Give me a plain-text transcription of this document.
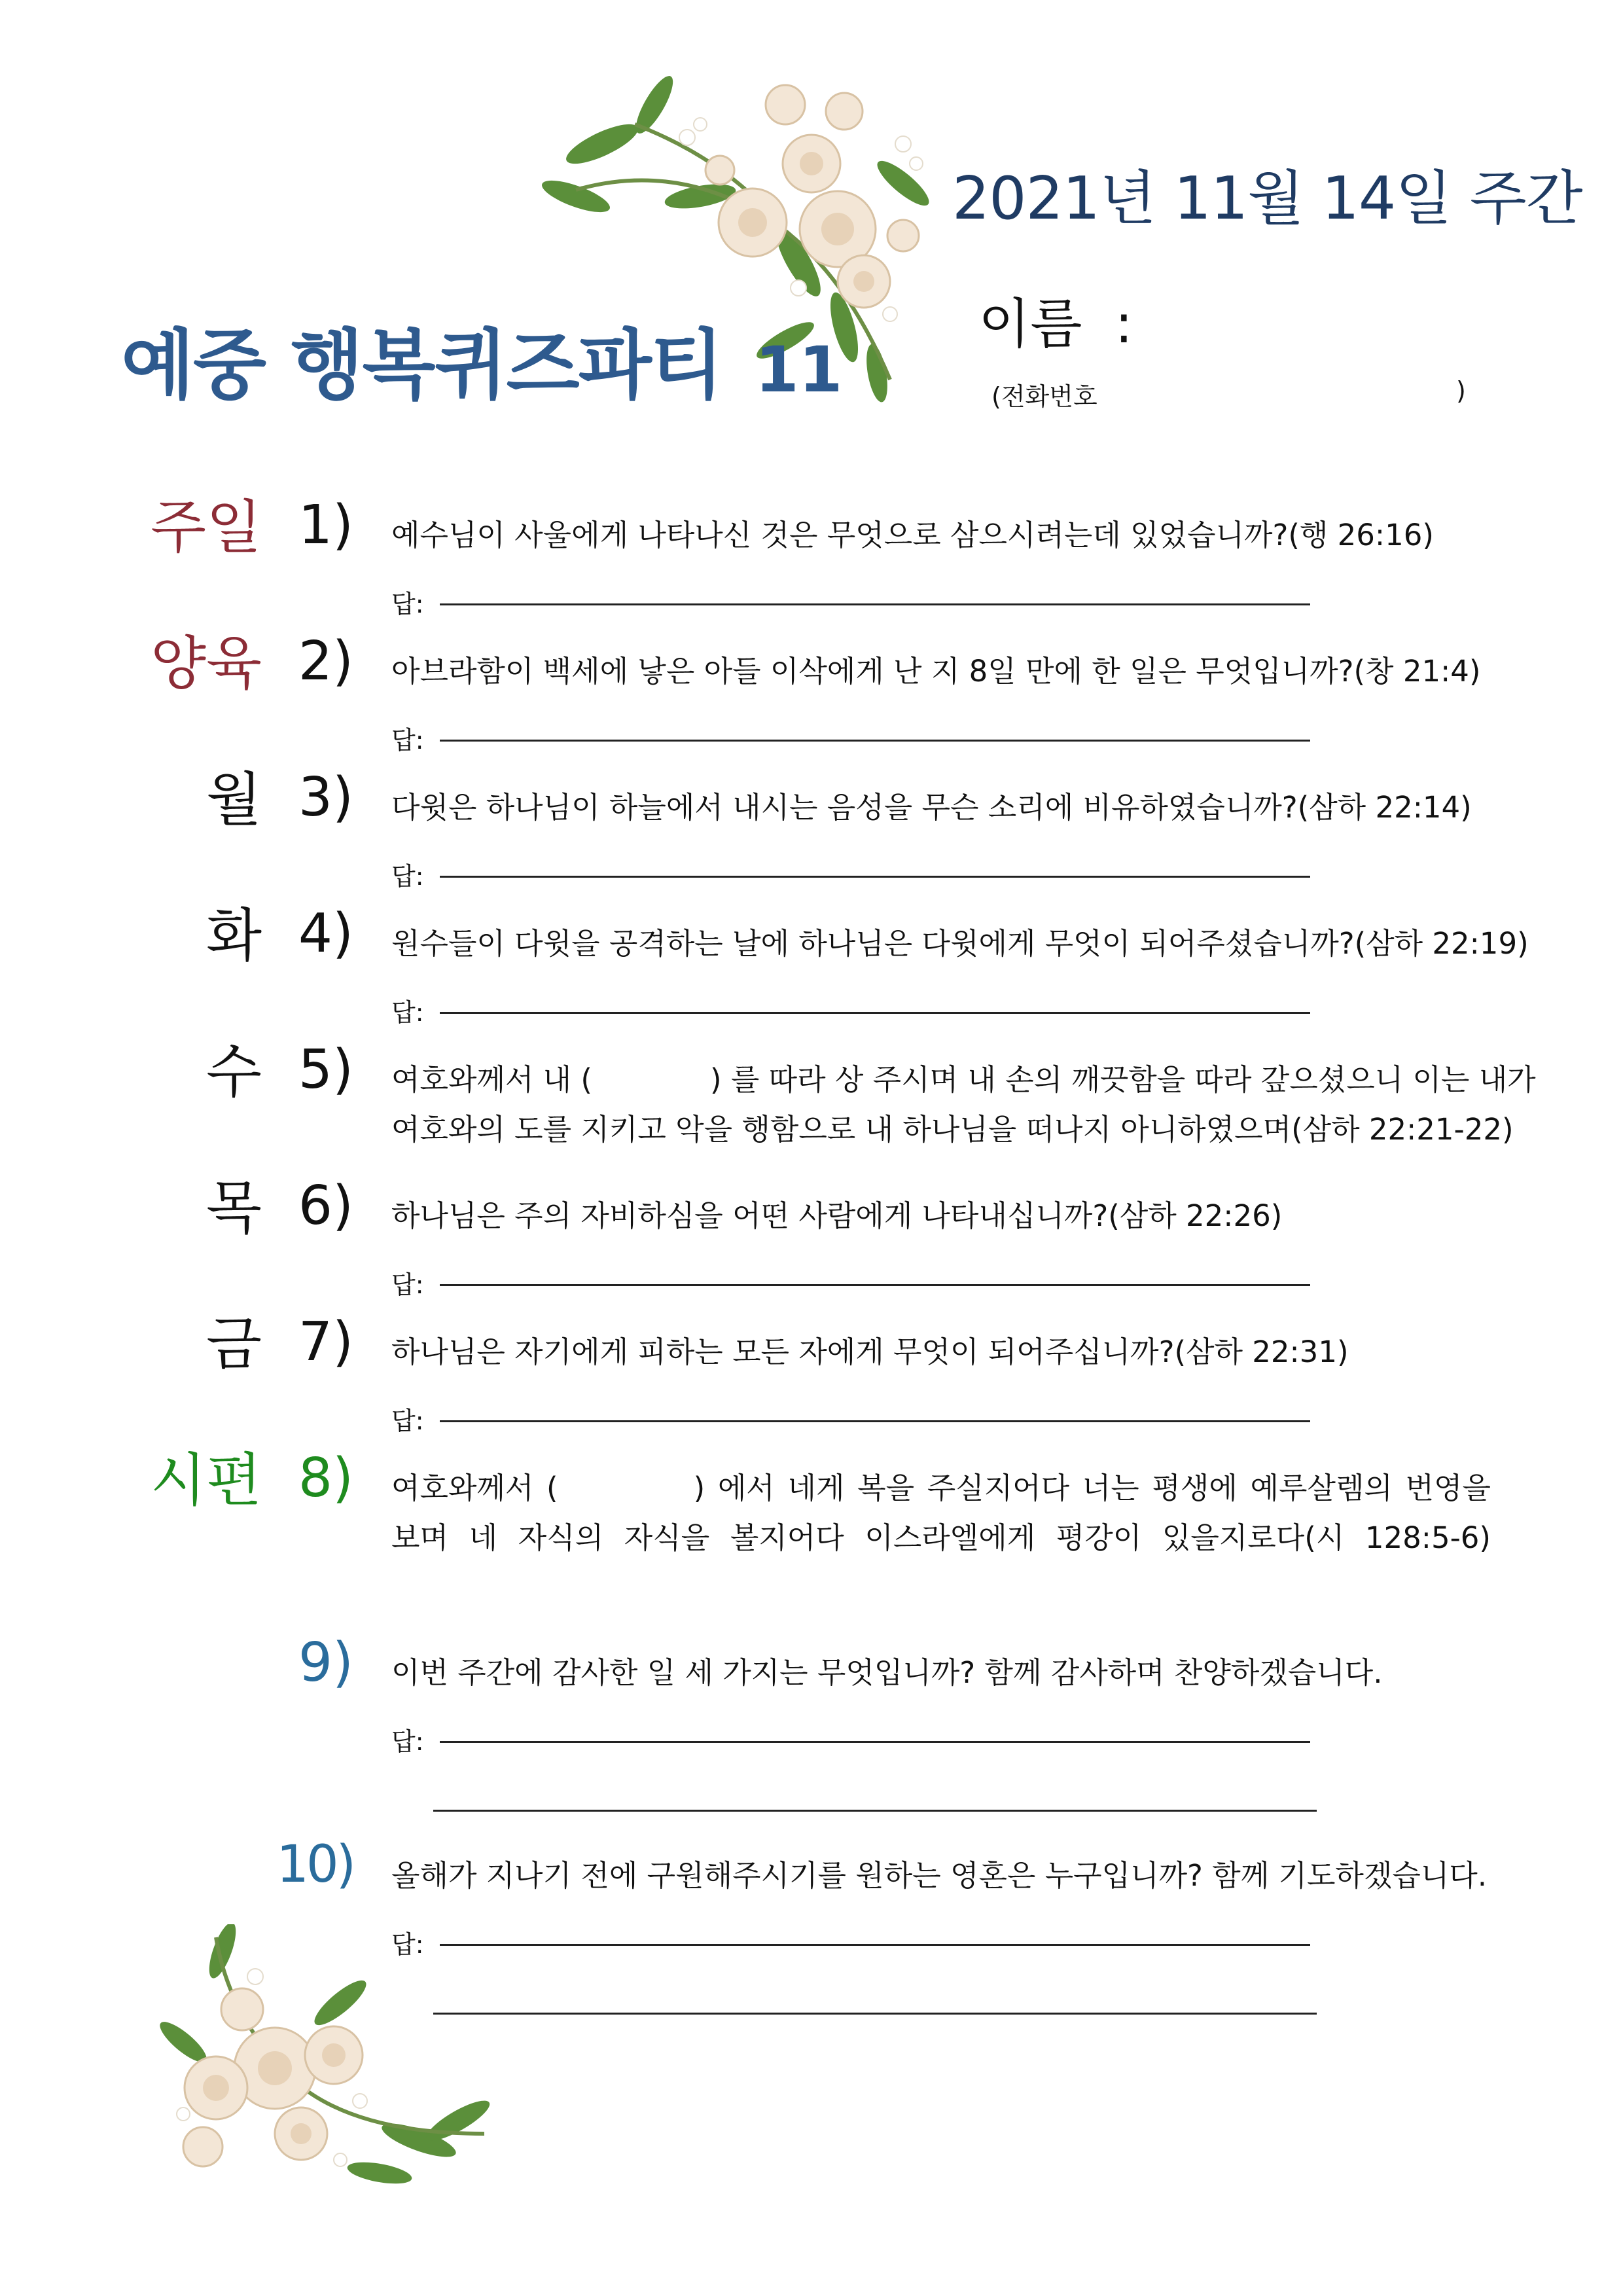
2021년 11월 14일 주간
예중 행복퀴즈파티 11
이름 :
(전화번호	)
주일 1) 예수님이 사울에게 나타나신 것은 무엇으로 삼으시려는데 있었습니까?(행 26:16)
답:
양육 2) 아브라함이 백세에 낳은 아들 이삭에게 난 지 8일 만에 한 일은 무엇입니까?(창 21:4)
답:
월 3) 다윗은 하나님이 하늘에서 내시는 음성을 무슨 소리에 비유하였습니까?(삼하 22:14)
답:
화 4) 원수들이 다윗을 공격하는 날에 하나님은 다윗에게 무엇이 되어주셨습니까?(삼하 22:19)
답:
수 5) 여호와께서 내 (　　　　) 를 따라 상 주시며 내 손의 깨끗함을 따라 갚으셨으니 이는 내가
여호와의 도를 지키고 악을 행함으로 내 하나님을 떠나지 아니하였으며(삼하 22:21-22)
목 6) 하나님은 주의 자비하심을 어떤 사람에게 나타내십니까?(삼하 22:26)
답:
금 7) 하나님은 자기에게 피하는 모든 자에게 무엇이 되어주십니까?(삼하 22:31)
답:
시편 8) 여호와께서 (　　　　) 에서 네게 복을 주실지어다 너는 평생에 예루살렘의 번영을
보며 네 자식의 자식을 볼지어다 이스라엘에게 평강이 있을지로다(시 128:5-6)
9) 이번 주간에 감사한 일 세 가지는 무엇입니까? 함께 감사하며 찬양하겠습니다.
답:
10) 올해가 지나기 전에 구원해주시기를 원하는 영혼은 누구입니까? 함께 기도하겠습니다.
답:
